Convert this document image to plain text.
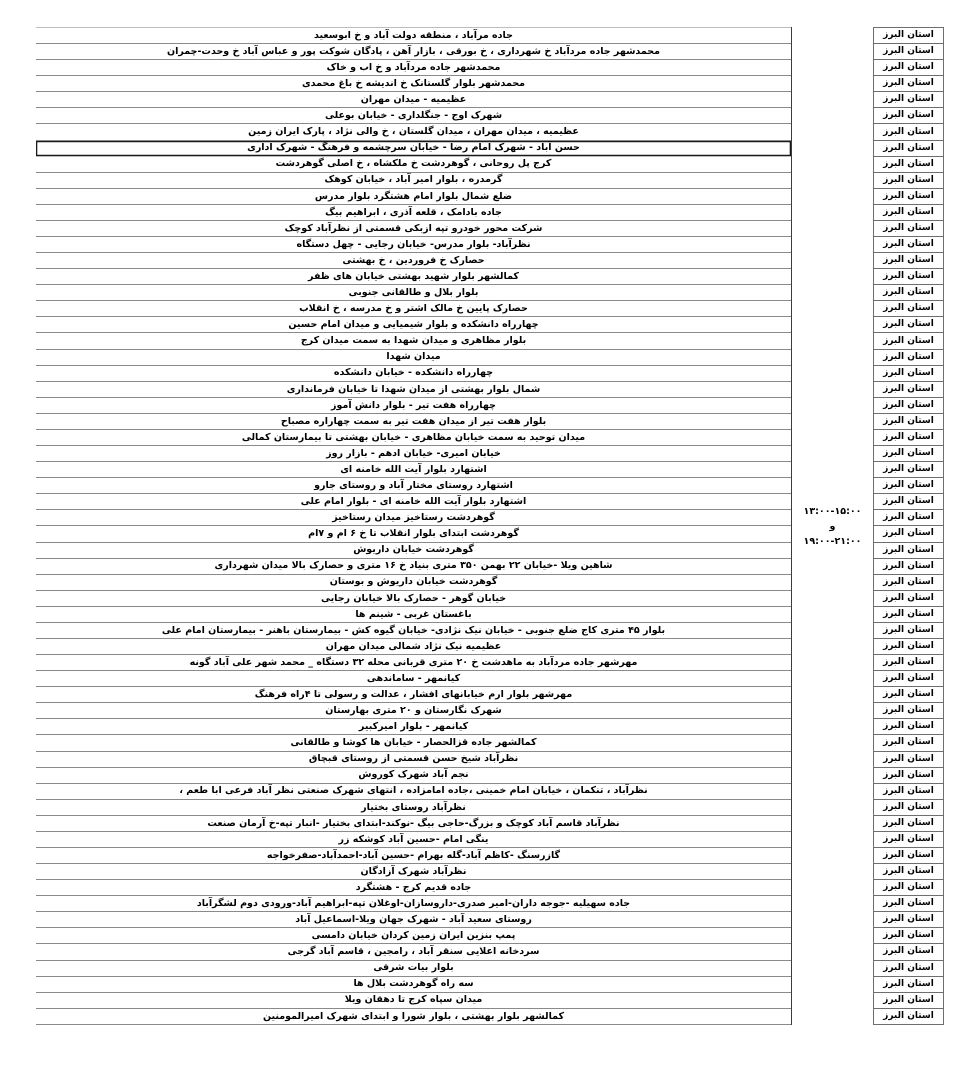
جاده مرآباد ، منطقه دولت آباد و خ ابوسعید
محمدشهر جاده مردآباد خ شهرداری ، خ بورقی ، بازار آهن ، پادگان شوکت پور و عباس آباد خ وحدت-چمران
محمدشهر جاده مردآباد و خ اب و خاک
محمدشهر بلوار گلستانک خ اندیشه خ باغ محمدی
عظیمیه - میدان مهران
شهرک اوج - جنگلداری - خیابان بوعلی
عظیمیه ، میدان مهران ، میدان گلستان ، خ والی نژاد ، پارک ایران زمین
حسن آباد - شهرک امام رضا - خیابان سرچشمه و فرهنگ - شهرک اداری
کرج پل روحانی ، گوهردشت خ ملکشاه ، خ اصلی گوهردشت
گرمدره ، بلوار امیر آباد ، خیابان کوهک
ضلع شمال بلوار امام هشتگرد بلوار مدرس
جاده بادامک ، قلعه آذری ، ابراهیم بیگ
شرکت محور خودرو تپه ازبکی قسمتی از نظرآباد کوچک
نظرآباد- بلوار مدرس- خیابان رجایی - چهل دستگاه
حصارک خ فروردین ، خ بهشتی
کمالشهر بلوار شهید بهشتی خیابان های ظفر
بلوار بلال و طالقانی جنوبی
حصارک پایین خ مالک اشتر و خ مدرسه ، خ انقلاب
چهارراه دانشکده و بلوار شیمیایی و میدان امام حسین
بلوار مظاهری و میدان شهدا به سمت میدان کرج
میدان شهدا
چهارراه دانشکده - خیابان دانشکده
شمال بلوار بهشتی از میدان شهدا تا خیابان فرمانداری
چهارراه هفت تیر - بلوار دانش آموز
بلوار هفت تیر از میدان هفت تیر به سمت چهاراره مصباح
میدان توحید به سمت خیابان مظاهری - خیابان بهشتی تا بیمارستان کمالی
خیابان امیری- خیابان ادهم - بازار روز
اشتهارد بلوار آیت الله خامنه ای
اشتهارد روستای مختار آباد و روستای جارو
اشتهارد بلوار آیت الله خامنه ای - بلوار امام علی
گوهردشت رستاخیز میدان رستاخیز
گوهردشت ابتدای بلوار انقلاب تا خ ۶ ام و ۷ام
گوهردشت خیابان داریوش
شاهین ویلا -خیابان ۲۲ بهمن ۳۵۰ متری بنیاد خ ۱۶ متری و حصارک بالا میدان شهرداری
گوهردشت خیابان داریوش و بوستان
خیابان گوهر - حصارک بالا خیابان رجایی
باغستان غربی - شینم ها
بلوار ۴۵ متری کاج ضلع جنوبی - خیابان نیک نژادی- خیابان گیوه کش - بیمارستان باهنر - بیمارستان امام علی
عظیمیه نیک نژاد شمالی میدان مهران
مهرشهر جاده مردآباد به ماهدشت خ ۲۰ متری قربانی محله ۳۲ دستگاه _ محمد شهر علی آباد گونه
کیانمهر - ساماندهی
مهرشهر بلوار ارم خیابانهای افشار ، عدالت و رسولی تا ۴راه فرهنگ
شهرک نگارستان و ۲۰ متری بهارستان
کیانمهر - بلوار امیرکبیر
کمالشهر جاده قزالحصار - خیابان ها کوشا و طالقانی
نظرآباد شیخ حسن قسمتی از روستای قبچاق
نجم آباد شهرک کوروش
نظرآباد ، تنکمان ، خیابان امام خمینی ،جاده امامزاده ، انتهای شهرک صنعتی نظر آباد فرعی ابا طعم ،
نظرآباد روستای بختیار
نظرآباد قاسم آباد کوچک و بزرگ-حاجی بیگ -نوکند-ابتدای بختیار -انبار تپه-خ آرمان صنعت
ینگی امام -حسین آباد کوشکه زر
گازرسنگ -کاظم آباد-گله بهرام -حسین آباد-احمدآباد-صفرخواجه
نظرآباد شهرک آزادگان
جاده قدیم کرج - هشتگرد
جاده سهیلیه -جوجه داران-امیر صدری-داروسازان-اوغلان تپه-ابراهیم آباد-ورودی دوم لشگرآباد
روستای سعید آباد - شهرک جهان ویلا-اسماعیل آباد
پمپ بنزین ایران زمین کردان خیابان دامسی
سردخانه اعلایی سنقر آباد ، رامجین ، قاسم آباد گرجی
بلوار بیات شرقی
سه راه گوهردشت بلال ها
میدان سپاه کرج تا دهقان ویلا
کمالشهر بلوار بهشتی ، بلوار شورا و ابتدای شهرک امیرالمومنین
۱۳:۰۰-۱۵:۰۰
و
۱۹:۰۰-۲۱:۰۰
استان البرز
استان البرز
استان البرز
استان البرز
استان البرز
استان البرز
استان البرز
استان البرز
استان البرز
استان البرز
استان البرز
استان البرز
استان البرز
استان البرز
استان البرز
استان البرز
استان البرز
استان البرز
استان البرز
استان البرز
استان البرز
استان البرز
استان البرز
استان البرز
استان البرز
استان البرز
استان البرز
استان البرز
استان البرز
استان البرز
استان البرز
استان البرز
استان البرز
استان البرز
استان البرز
استان البرز
استان البرز
استان البرز
استان البرز
استان البرز
استان البرز
استان البرز
استان البرز
استان البرز
استان البرز
استان البرز
استان البرز
استان البرز
استان البرز
استان البرز
استان البرز
استان البرز
استان البرز
استان البرز
استان البرز
استان البرز
استان البرز
استان البرز
استان البرز
استان البرز
استان البرز
استان البرز
